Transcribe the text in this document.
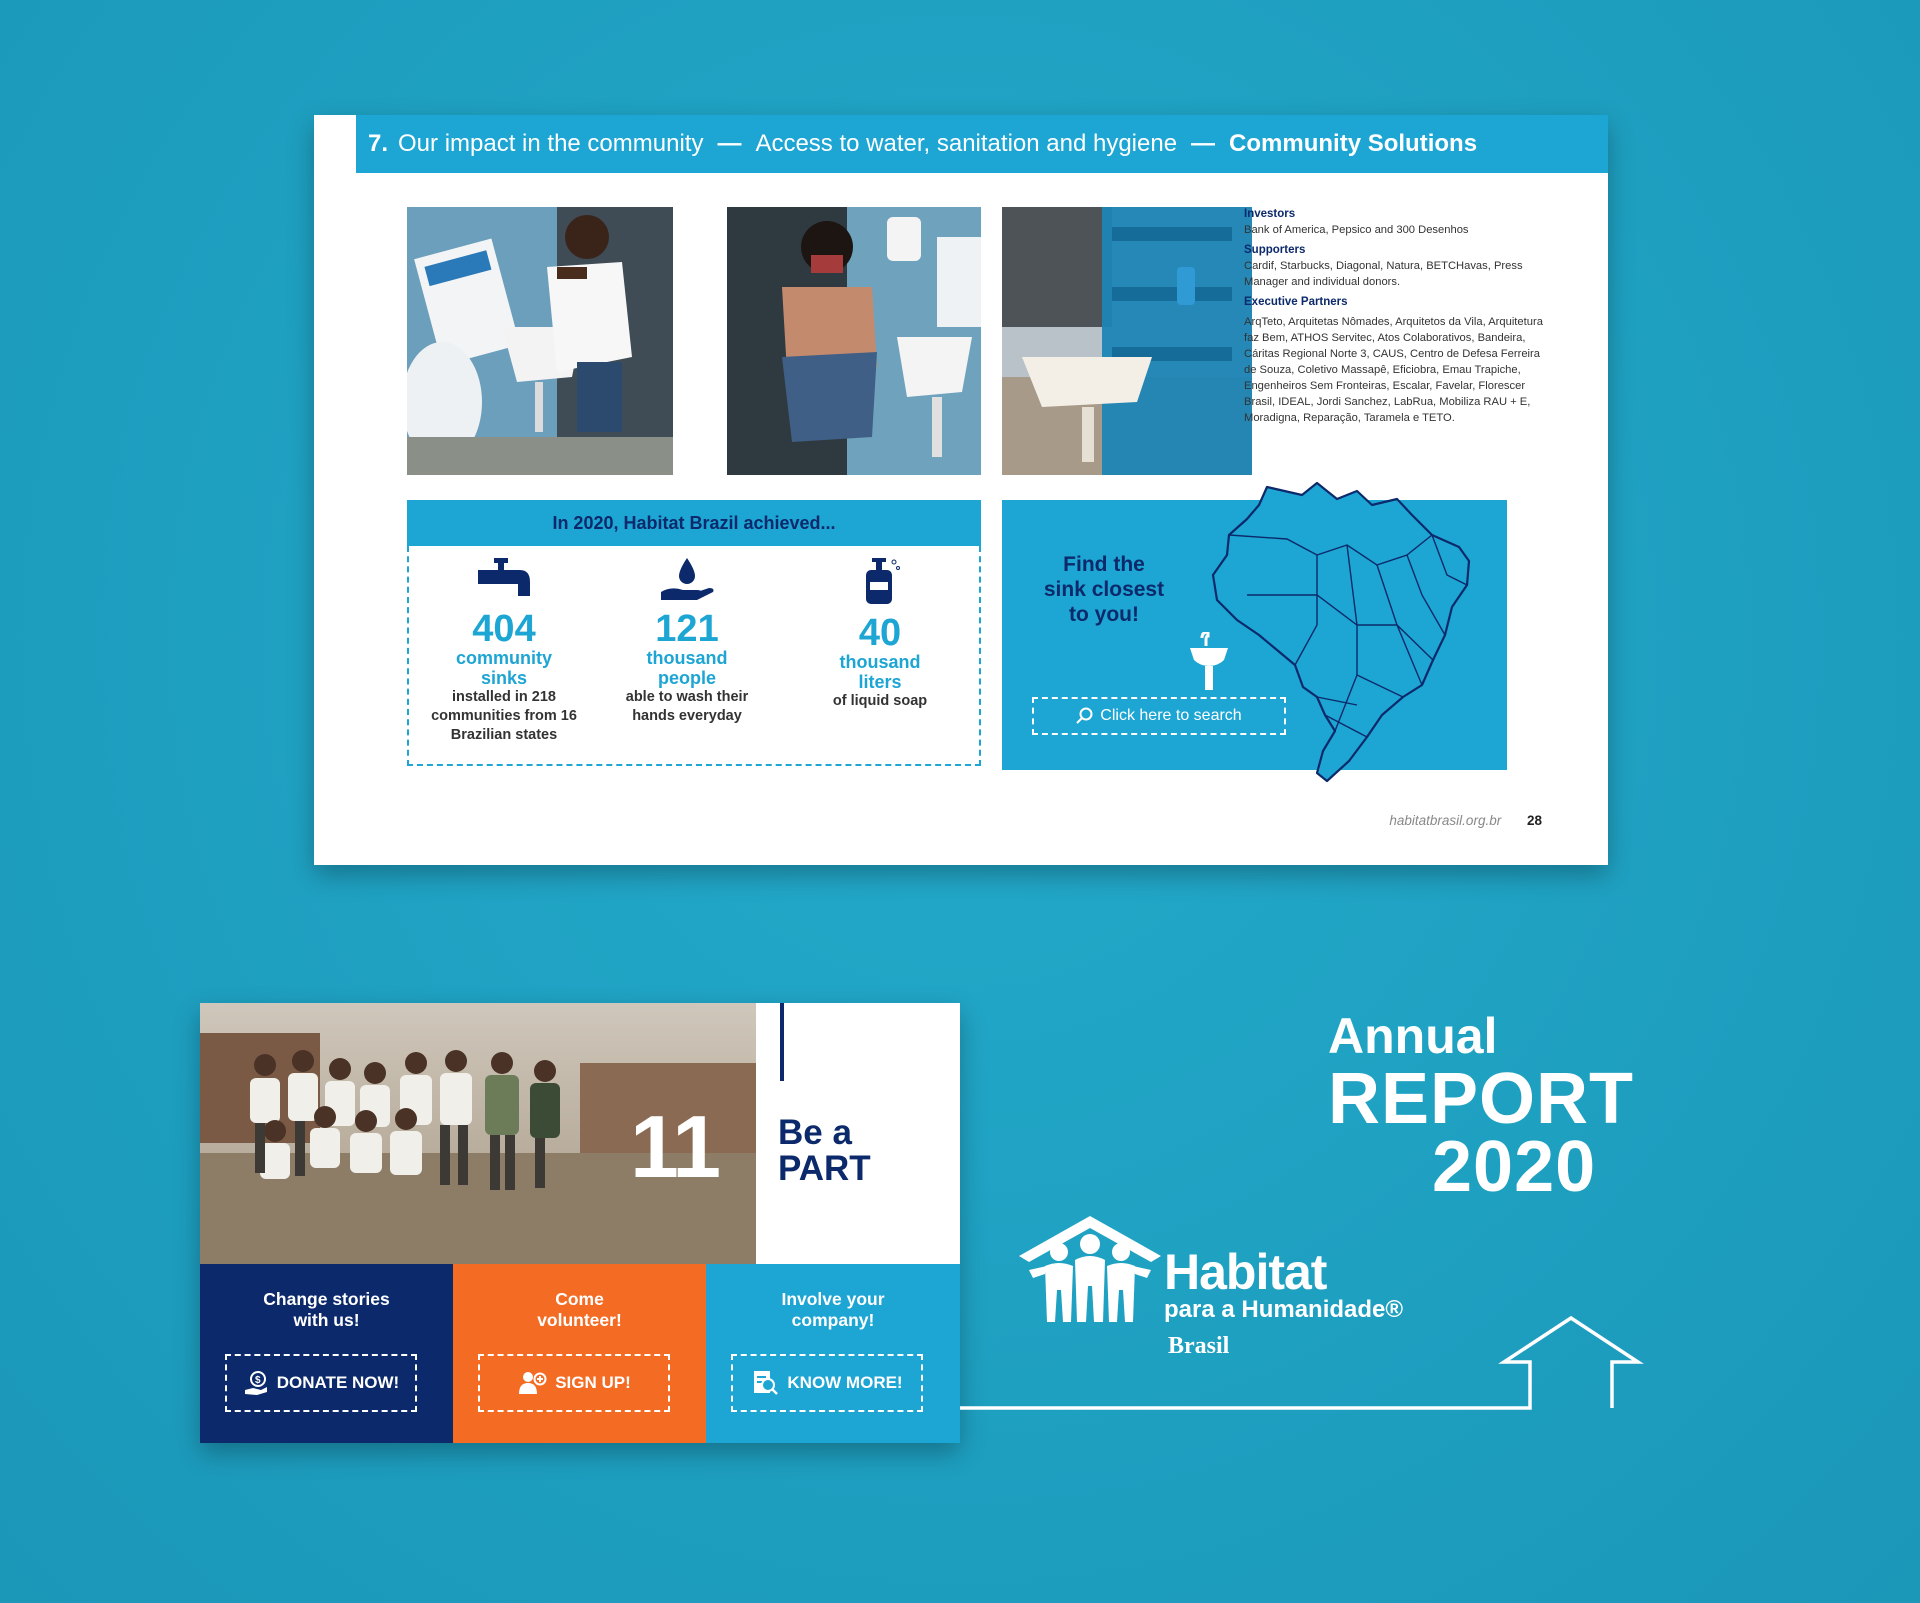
7. Our impact in the community — Access to water, sanitation and hygiene — Community Solutions
Investors

Bank of America, Pepsico and 300 Desenhos

Supporters

Cardif, Starbucks, Diagonal, Natura, BETCHavas, Press Manager and individual donors.

Executive Partners

ArqTeto, Arquitetas Nômades, Arquitetos da Vila, Arquitetura faz Bem, ATHOS Servitec, Atos Colaborativos, Bandeira, Cáritas Regional Norte 3, CAUS, Centro de Defesa Ferreira de Souza, Coletivo Massapê, Eficiobra, Emau Trapiche, Engenheiros Sem Fronteiras, Escalar, Favelar, Florescer Brasil, IDEAL, Jordi Sanchez, LabRua, Mobiliza RAU + E, Moradigna, Reparação, Taramela e TETO.

In 2020, Habitat Brazil achieved...
404
community
sinks
installed in 218
communities from 16
Brazilian states
121
thousand
people
able to wash their
hands everyday
40
thousand
liters
of liquid soap
Find the
sink closest
to you!
Click here to search
habitatbrasil.org.br 28
11 Be a
PART
Change stories
with us!
$ DONATE NOW!
Come
volunteer!
SIGN UP!
Involve your
company!
KNOW MORE!
Annual
REPORT
2020
Habitat
para a Humanidade®
Brasil
